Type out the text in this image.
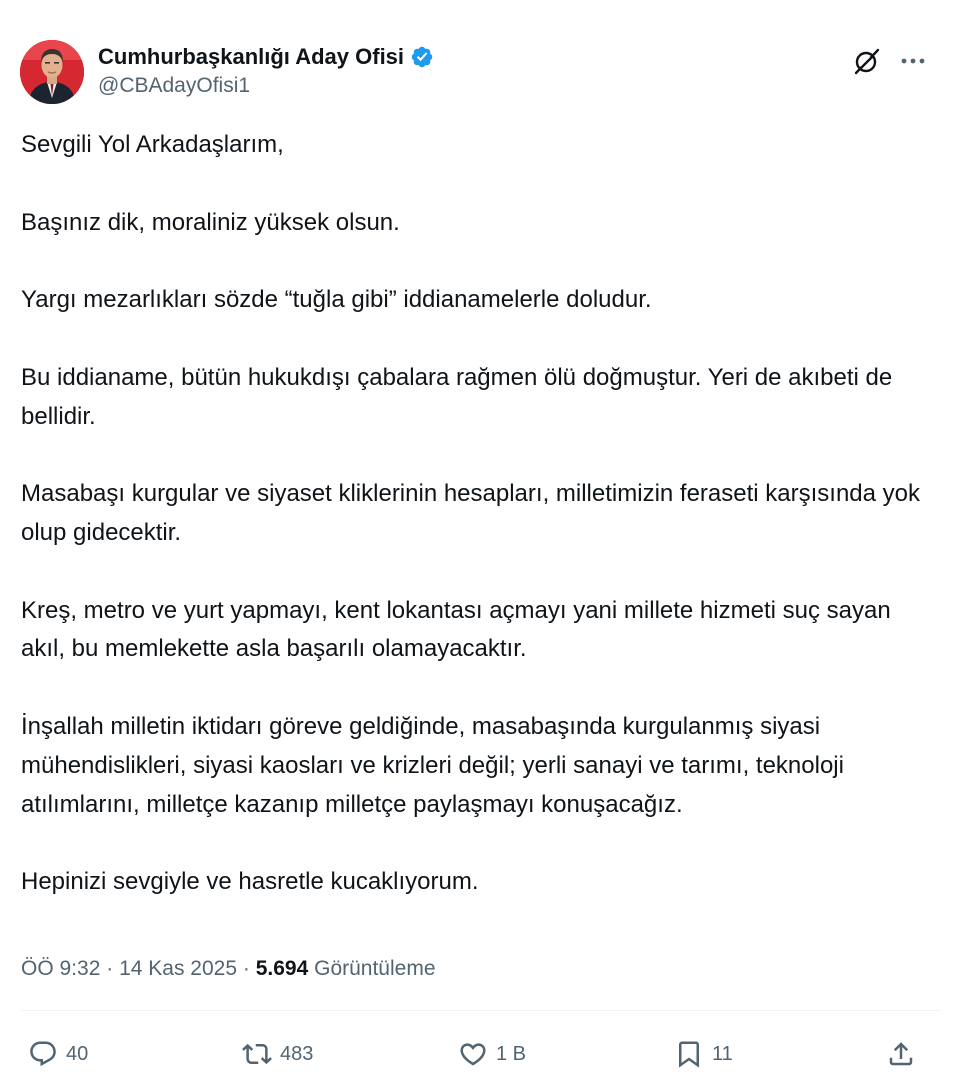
Cumhurbaşkanlığı Aday Ofisi
@CBAdayOfisi1

Sevgili Yol Arkadaşlarım,

Başınız dik, moraliniz yüksek olsun.

Yargı mezarlıkları sözde “tuğla gibi” iddianamelerle doludur.

Bu iddianame, bütün hukukdışı çabalara rağmen ölü doğmuştur. Yeri de akıbeti de bellidir.

Masabaşı kurgular ve siyaset kliklerinin hesapları, milletimizin feraseti karşısında yok olup gidecektir.

Kreş, metro ve yurt yapmayı, kent lokantası açmayı yani millete hizmeti suç sayan akıl, bu memlekette asla başarılı olamayacaktır.

İnşallah milletin iktidarı göreve geldiğinde, masabaşında kurgulanmış siyasi mühendislikleri, siyasi kaosları ve krizleri değil; yerli sanayi ve tarımı, teknoloji atılımlarını, milletçe kazanıp milletçe paylaşmayı konuşacağız.

Hepinizi sevgiyle ve hasretle kucaklıyorum.

ÖÖ 9:32 · 14 Kas 2025 · 5.694 Görüntüleme
40	483	1 B	11
